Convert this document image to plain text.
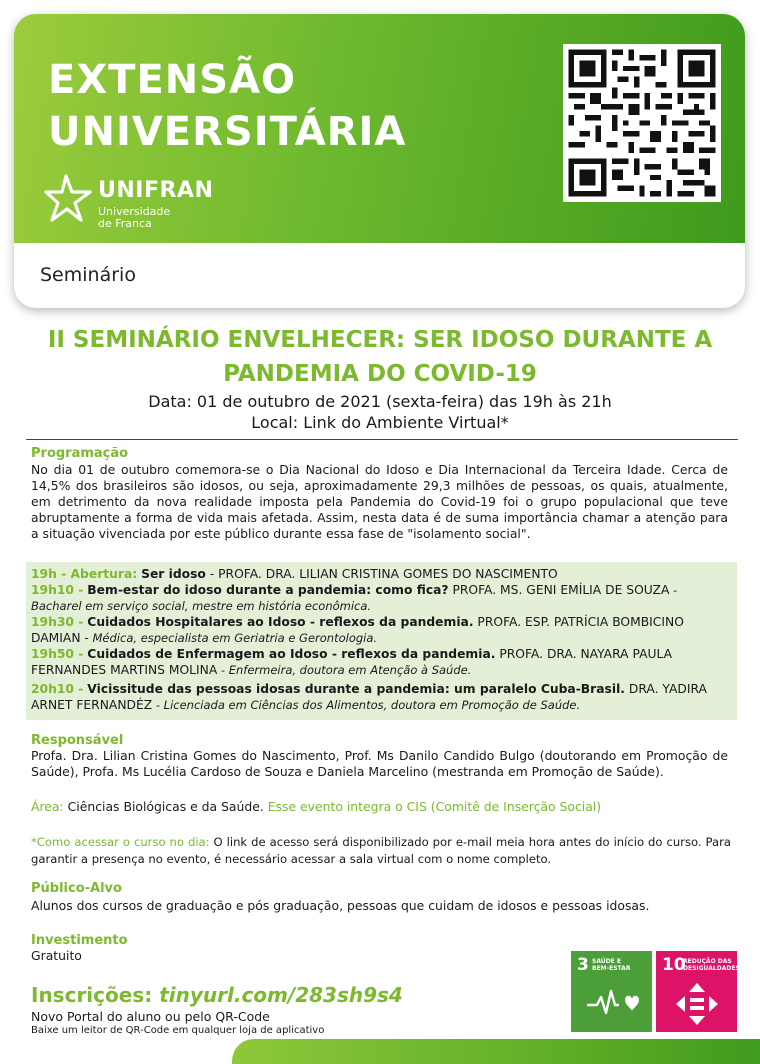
EXTENSÃO
UNIVERSITÁRIA
UNIFRAN
Universidade
de Franca
Seminário
II SEMINÁRIO ENVELHECER: SER IDOSO DURANTE A
PANDEMIA DO COVID-19
Data: 01 de outubro de 2021 (sexta-feira) das 19h às 21h
Local: Link do Ambiente Virtual*
Programação
No dia 01 de outubro comemora-se o Dia Nacional do Idoso e Dia Internacional da Terceira Idade. Cerca de 14,5% dos brasileiros são idosos, ou seja, aproximadamente 29,3 milhões de pessoas, os quais, atualmente, em detrimento da nova realidade imposta pela Pandemia do Covid-19 foi o grupo populacional que teve abruptamente a forma de vida mais afetada. Assim, nesta data é de suma importância chamar a atenção para a situação vivenciada por este público durante essa fase de "isolamento social".
19h - Abertura: Ser idoso - PROFA. DRA. LILIAN CRISTINA GOMES DO NASCIMENTO
19h10 - Bem-estar do idoso durante a pandemia: como fica? PROFA. MS. GENI EMÍLIA DE SOUZA - Bacharel em serviço social, mestre em história econômica.
19h30 - Cuidados Hospitalares ao Idoso - reflexos da pandemia. PROFA. ESP. PATRÍCIA BOMBICINO DAMIAN - Médica, especialista em Geriatria e Gerontologia.
19h50 - Cuidados de Enfermagem ao Idoso - reflexos da pandemia. PROFA. DRA. NAYARA PAULA FERNANDES MARTINS MOLINA - Enfermeira, doutora em Atenção à Saúde.
20h10 - Vicissitude das pessoas idosas durante a pandemia: um paralelo Cuba-Brasil. DRA. YADIRA ARNET FERNANDÉZ - Licenciada em Ciências dos Alimentos, doutora em Promoção de Saúde.
Responsável
Profa. Dra. Lilian Cristina Gomes do Nascimento, Prof. Ms Danilo Candido Bulgo (doutorando em Promoção de Saúde), Profa. Ms Lucélia Cardoso de Souza e Daniela Marcelino (mestranda em Promoção de Saúde).
Área: Ciências Biológicas e da Saúde. Esse evento integra o CIS (Comitê de Inserção Social)
*Como acessar o curso no dia: O link de acesso será disponibilizado por e-mail meia hora antes do início do curso. Para garantir a presença no evento, é necessário acessar a sala virtual com o nome completo.
Público-Alvo
Alunos dos cursos de graduação e pós graduação, pessoas que cuidam de idosos e pessoas idosas.
Investimento
Gratuito
Inscrições: tinyurl.com/283sh9s4
Novo Portal do aluno ou pelo QR-Code
Baixe um leitor de QR-Code em qualquer loja de aplicativo
3 SAÚDE E
BEM-ESTAR 10
REDUÇÃO DAS
DESIGUALDADES
